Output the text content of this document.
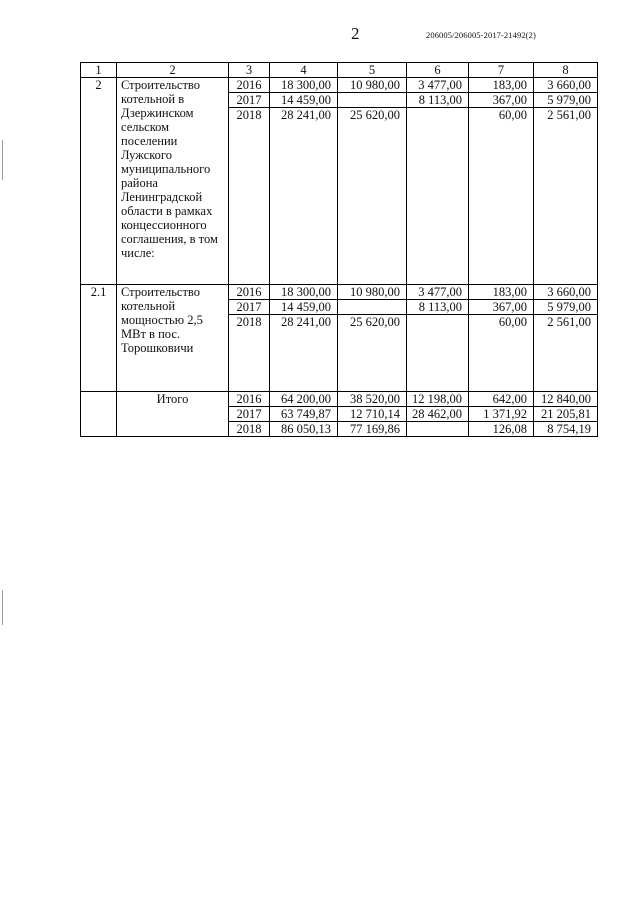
2	206005/206005-2017-21492(2)
1	2	3	4	5	6	7	8
2	Строительство котельной в Дзержинском сельском поселении Лужского муниципального района Ленинградской области в рамках концессионного соглашения, в том числе:	2016	18 300,00	10 980,00	3 477,00	183,00	3 660,00
		2017	14 459,00		8 113,00	367,00	5 979,00
		2018	28 241,00	25 620,00		60,00	2 561,00
2.1	Строительство котельной мощностью 2,5 МВт в пос. Торошковичи	2016	18 300,00	10 980,00	3 477,00	183,00	3 660,00
		2017	14 459,00		8 113,00	367,00	5 979,00
		2018	28 241,00	25 620,00		60,00	2 561,00
	Итого	2016	64 200,00	38 520,00	12 198,00	642,00	12 840,00
		2017	63 749,87	12 710,14	28 462,00	1 371,92	21 205,81
		2018	86 050,13	77 169,86		126,08	8 754,19
